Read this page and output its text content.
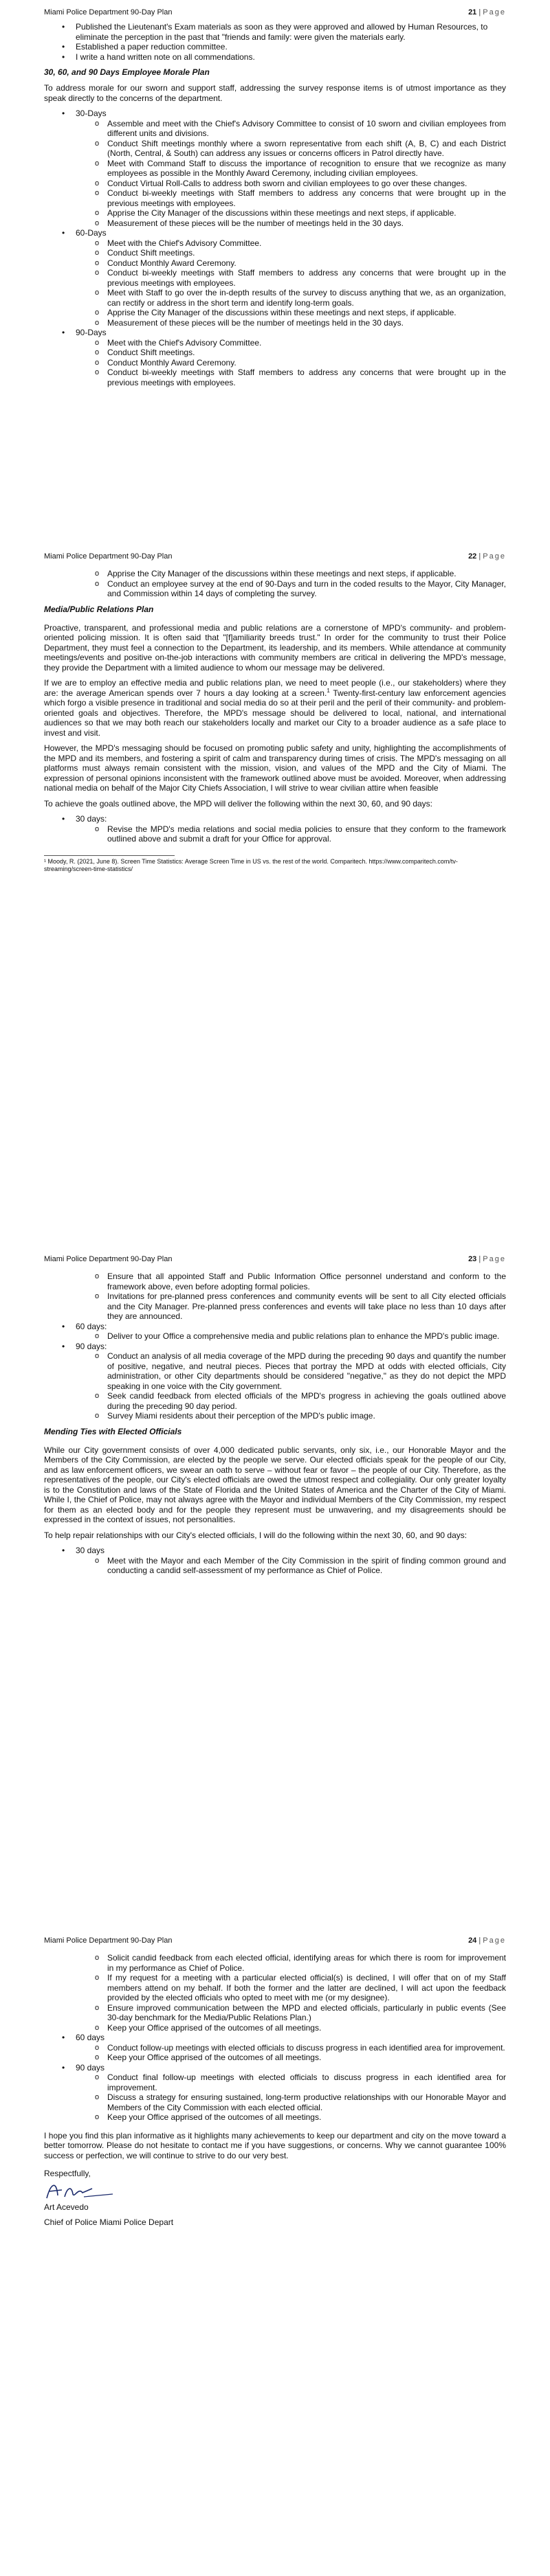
Miami Police Department 90-Day Plan	21 | Page
• Published the Lieutenant's Exam materials as soon as they were approved and allowed by Human Resources, to eliminate the perception in the past that "friends and family: were given the materials early.
• Established a paper reduction committee.
• I write a hand written note on all commendations.
30, 60, and 90 Days Employee Morale Plan

To address morale for our sworn and support staff, addressing the survey response items is of utmost importance as they speak directly to the concerns of the department.

• 30-Days
o Assemble and meet with the Chief's Advisory Committee to consist of 10 sworn and civilian employees from different units and divisions.
o Conduct Shift meetings monthly where a sworn representative from each shift (A, B, C) and each District (North, Central, & South) can address any issues or concerns officers in Patrol directly have.
o Meet with Command Staff to discuss the importance of recognition to ensure that we recognize as many employees as possible in the Monthly Award Ceremony, including civilian employees.
o Conduct Virtual Roll-Calls to address both sworn and civilian employees to go over these changes.
o Conduct bi-weekly meetings with Staff members to address any concerns that were brought up in the previous meetings with employees.
o Apprise the City Manager of the discussions within these meetings and next steps, if applicable.
o Measurement of these pieces will be the number of meetings held in the 30 days.
• 60-Days
o Meet with the Chief's Advisory Committee.
o Conduct Shift meetings.
o Conduct Monthly Award Ceremony.
o Conduct bi-weekly meetings with Staff members to address any concerns that were brought up in the previous meetings with employees.
o Meet with Staff to go over the in-depth results of the survey to discuss anything that we, as an organization, can rectify or address in the short term and identify long-term goals.
o Apprise the City Manager of the discussions within these meetings and next steps, if applicable.
o Measurement of these pieces will be the number of meetings held in the 30 days.
• 90-Days
o Meet with the Chief's Advisory Committee.
o Conduct Shift meetings.
o Conduct Monthly Award Ceremony.
o Conduct bi-weekly meetings with Staff members to address any concerns that were brought up in the previous meetings with employees.
Miami Police Department 90-Day Plan	22 | Page
o Apprise the City Manager of the discussions within these meetings and next steps, if applicable.
o Conduct an employee survey at the end of 90-Days and turn in the coded results to the Mayor, City Manager, and Commission within 14 days of completing the survey.
Media/Public Relations Plan

Proactive, transparent, and professional media and public relations are a cornerstone of MPD's community- and problem-oriented policing mission. It is often said that "[f]amiliarity breeds trust." In order for the community to trust their Police Department, they must feel a connection to the Department, its leadership, and its members. While attendance at community meetings/events and positive on-the-job interactions with community members are critical in delivering the MPD's message, they provide the Department with a limited audience to whom our message may be delivered.

If we are to employ an effective media and public relations plan, we need to meet people (i.e., our stakeholders) where they are: the average American spends over 7 hours a day looking at a screen.$^1$ Twenty-first-century law enforcement agencies which forgo a visible presence in traditional and social media do so at their peril and the peril of their community- and problem-oriented goals and objectives. Therefore, the MPD's message should be delivered to local, national, and international audiences so that we may both reach our stakeholders locally and market our City to a broader audience as a safe place to invest and visit.

However, the MPD's messaging should be focused on promoting public safety and unity, highlighting the accomplishments of the MPD and its members, and fostering a spirit of calm and transparency during times of crisis. The MPD's messaging on all platforms must always remain consistent with the mission, vision, and values of the MPD and the City of Miami. The expression of personal opinions inconsistent with the framework outlined above must be avoided. Moreover, when addressing national media on behalf of the Major City Chiefs Association, I will strive to wear civilian attire when feasible

To achieve the goals outlined above, the MPD will deliver the following within the next 30, 60, and 90 days:

• 30 days:
o Revise the MPD's media relations and social media policies to ensure that they conform to the framework outlined above and submit a draft for your Office for approval.
¹ Moody, R. (2021, June 8). Screen Time Statistics: Average Screen Time in US vs. the rest of the world. Comparitech. https://www.comparitech.com/tv-streaming/screen-time-statistics/
Miami Police Department 90-Day Plan	23 | Page
o Ensure that all appointed Staff and Public Information Office personnel understand and conform to the framework above, even before adopting formal policies.
o Invitations for pre-planned press conferences and community events will be sent to all City elected officials and the City Manager. Pre-planned press conferences and events will take place no less than 10 days after they are announced.
• 60 days:
o Deliver to your Office a comprehensive media and public relations plan to enhance the MPD's public image.
• 90 days:
o Conduct an analysis of all media coverage of the MPD during the preceding 90 days and quantify the number of positive, negative, and neutral pieces. Pieces that portray the MPD at odds with elected officials, City administration, or other City departments should be considered "negative," as they do not depict the MPD speaking in one voice with the City government.
o Seek candid feedback from elected officials of the MPD's progress in achieving the goals outlined above during the preceding 90 day period.
o Survey Miami residents about their perception of the MPD's public image.
Mending Ties with Elected Officials

While our City government consists of over 4,000 dedicated public servants, only six, i.e., our Honorable Mayor and the Members of the City Commission, are elected by the people we serve. Our elected officials speak for the people of our City, and as law enforcement officers, we swear an oath to serve – without fear or favor – the people of our City. Therefore, as the representatives of the people, our City's elected officials are owed the utmost respect and collegiality. Our only greater loyalty is to the Constitution and laws of the State of Florida and the United States of America and the Charter of the City of Miami. While I, the Chief of Police, may not always agree with the Mayor and individual Members of the City Commission, my respect for them as an elected body and for the people they represent must be unwavering, and my disagreements should be expressed in the context of issues, not personalities.

To help repair relationships with our City's elected officials, I will do the following within the next 30, 60, and 90 days:

• 30 days
o Meet with the Mayor and each Member of the City Commission in the spirit of finding common ground and conducting a candid self-assessment of my performance as Chief of Police.
Miami Police Department 90-Day Plan	24 | Page
o Solicit candid feedback from each elected official, identifying areas for which there is room for improvement in my performance as Chief of Police.
o If my request for a meeting with a particular elected official(s) is declined, I will offer that on of my Staff members attend on my behalf. If both the former and the latter are declined, I will act upon the feedback provided by the elected officials who opted to meet with me (or my designee).
o Ensure improved communication between the MPD and elected officials, particularly in public events (See 30-day benchmark for the Media/Public Relations Plan.)
o Keep your Office apprised of the outcomes of all meetings.
• 60 days
o Conduct follow-up meetings with elected officials to discuss progress in each identified area for improvement.
o Keep your Office apprised of the outcomes of all meetings.
• 90 days
o Conduct final follow-up meetings with elected officials to discuss progress in each identified area for improvement.
o Discuss a strategy for ensuring sustained, long-term productive relationships with our Honorable Mayor and Members of the City Commission with each elected official.
o Keep your Office apprised of the outcomes of all meetings.

I hope you find this plan informative as it highlights many achievements to keep our department and city on the move toward a better tomorrow. Please do not hesitate to contact me if you have suggestions, or concerns. Why we cannot guarantee 100% success or perfection, we will continue to strive to do our very best.

Respectfully,

Art Acevedo

Chief of Police Miami Police Depart
